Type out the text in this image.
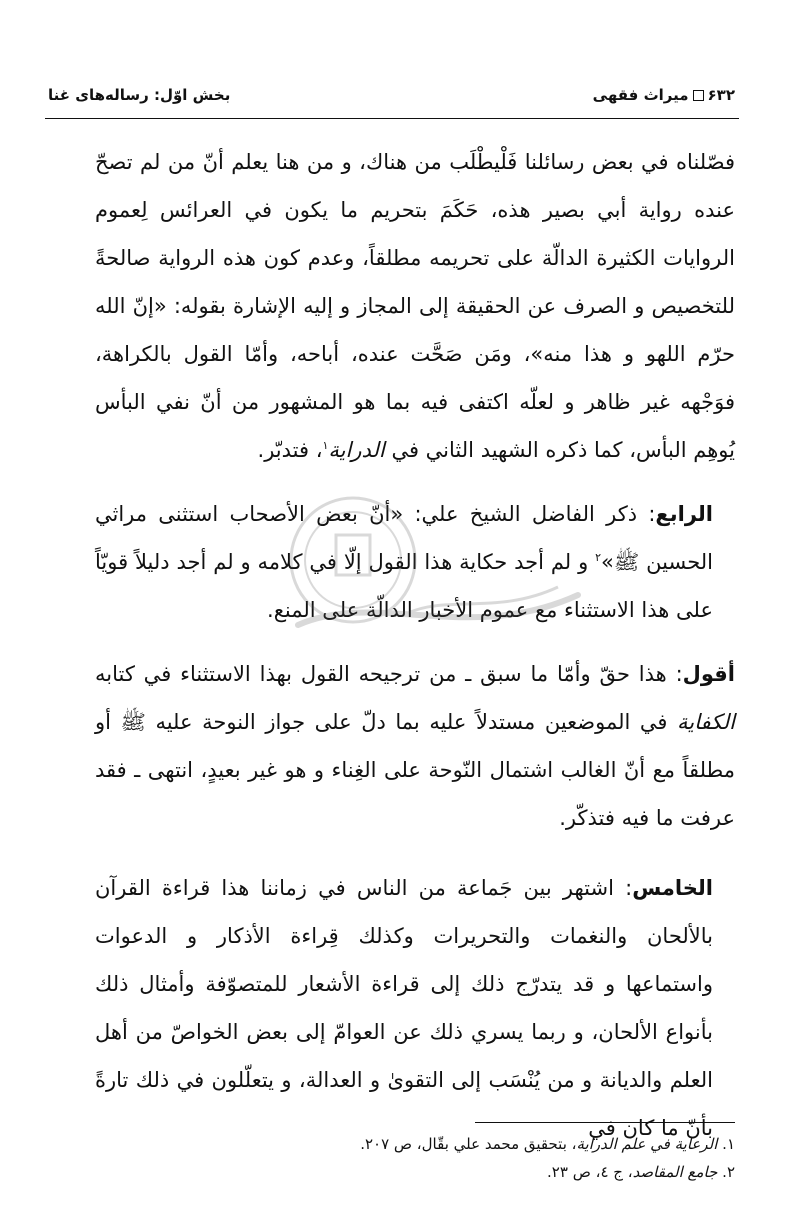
۶۳۲میراث فقهی
بخش اوّل: رساله‌های غنا

فصّلناه في بعض رسائلنا فَلْيطْلَب من هناك، و من هنا يعلم أنّ من لم تصحّ عنده رواية أبي بصير هذه، حَكَمَ بتحريم ما يكون في العرائس لِعموم الروايات الكثيرة الدالّة على تحريمه مطلقاً، وعدم كون هذه الرواية صالحةً للتخصيص و الصرف عن الحقيقة إلى المجاز و إليه الإشارة بقوله: «إنّ الله حرّم اللهو و هذا منه»، ومَن صَحَّت عنده، أباحه، وأمّا القول بالكراهة، فوَجْهه غير ظاهر و لعلّه اكتفى فيه بما هو المشهور من أنّ نفي البأس يُوهِم البأس، كما ذكره الشهيد الثاني في الدراية$^١$، فتدبّر.

الرابع: ذكر الفاضل الشيخ علي: «أنّ بعض الأصحاب استثنى مراثي الحسين ﷺ»$^٢$ و لم أجد حكاية هذا القول إلّا في كلامه و لم أجد دليلاً قويّاً على هذا الاستثناء مع عموم الأخبار الدالّة على المنع.

أقول: هذا حقّ وأمّا ما سبق ـ من ترجيحه القول بهذا الاستثناء في كتابه الكفاية في الموضعين مستدلاً عليه بما دلّ على جواز النوحة عليه ﷺ أو مطلقاً مع أنّ الغالب اشتمال النّوحة على الغِناء و هو غير بعيدٍ، انتهى ـ فقد عرفت ما فيه فتذكّر.

الخامس: اشتهر بين جَماعة من الناس في زماننا هذا قراءة القرآن بالألحان والنغمات والتحريرات وكذلك قِراءة الأذكار و الدعوات واستماعها و قد يتدرّج ذلك إلى قراءة الأشعار للمتصوّفة وأمثال ذلك بأنواع الألحان، و ربما يسري ذلك عن العوامّ إلى بعض الخواصّ من أهل العلم والديانة و من يُنْسَب إلى التقوىٰ و العدالة، و يتعلّلون في ذلك تارةً بأنّ ما كان في

١. الرعاية في علم الدراية، بتحقيق محمد علي بقّال، ص ٢٠٧.
٢. جامع المقاصد، ج ٤، ص ٢٣.
